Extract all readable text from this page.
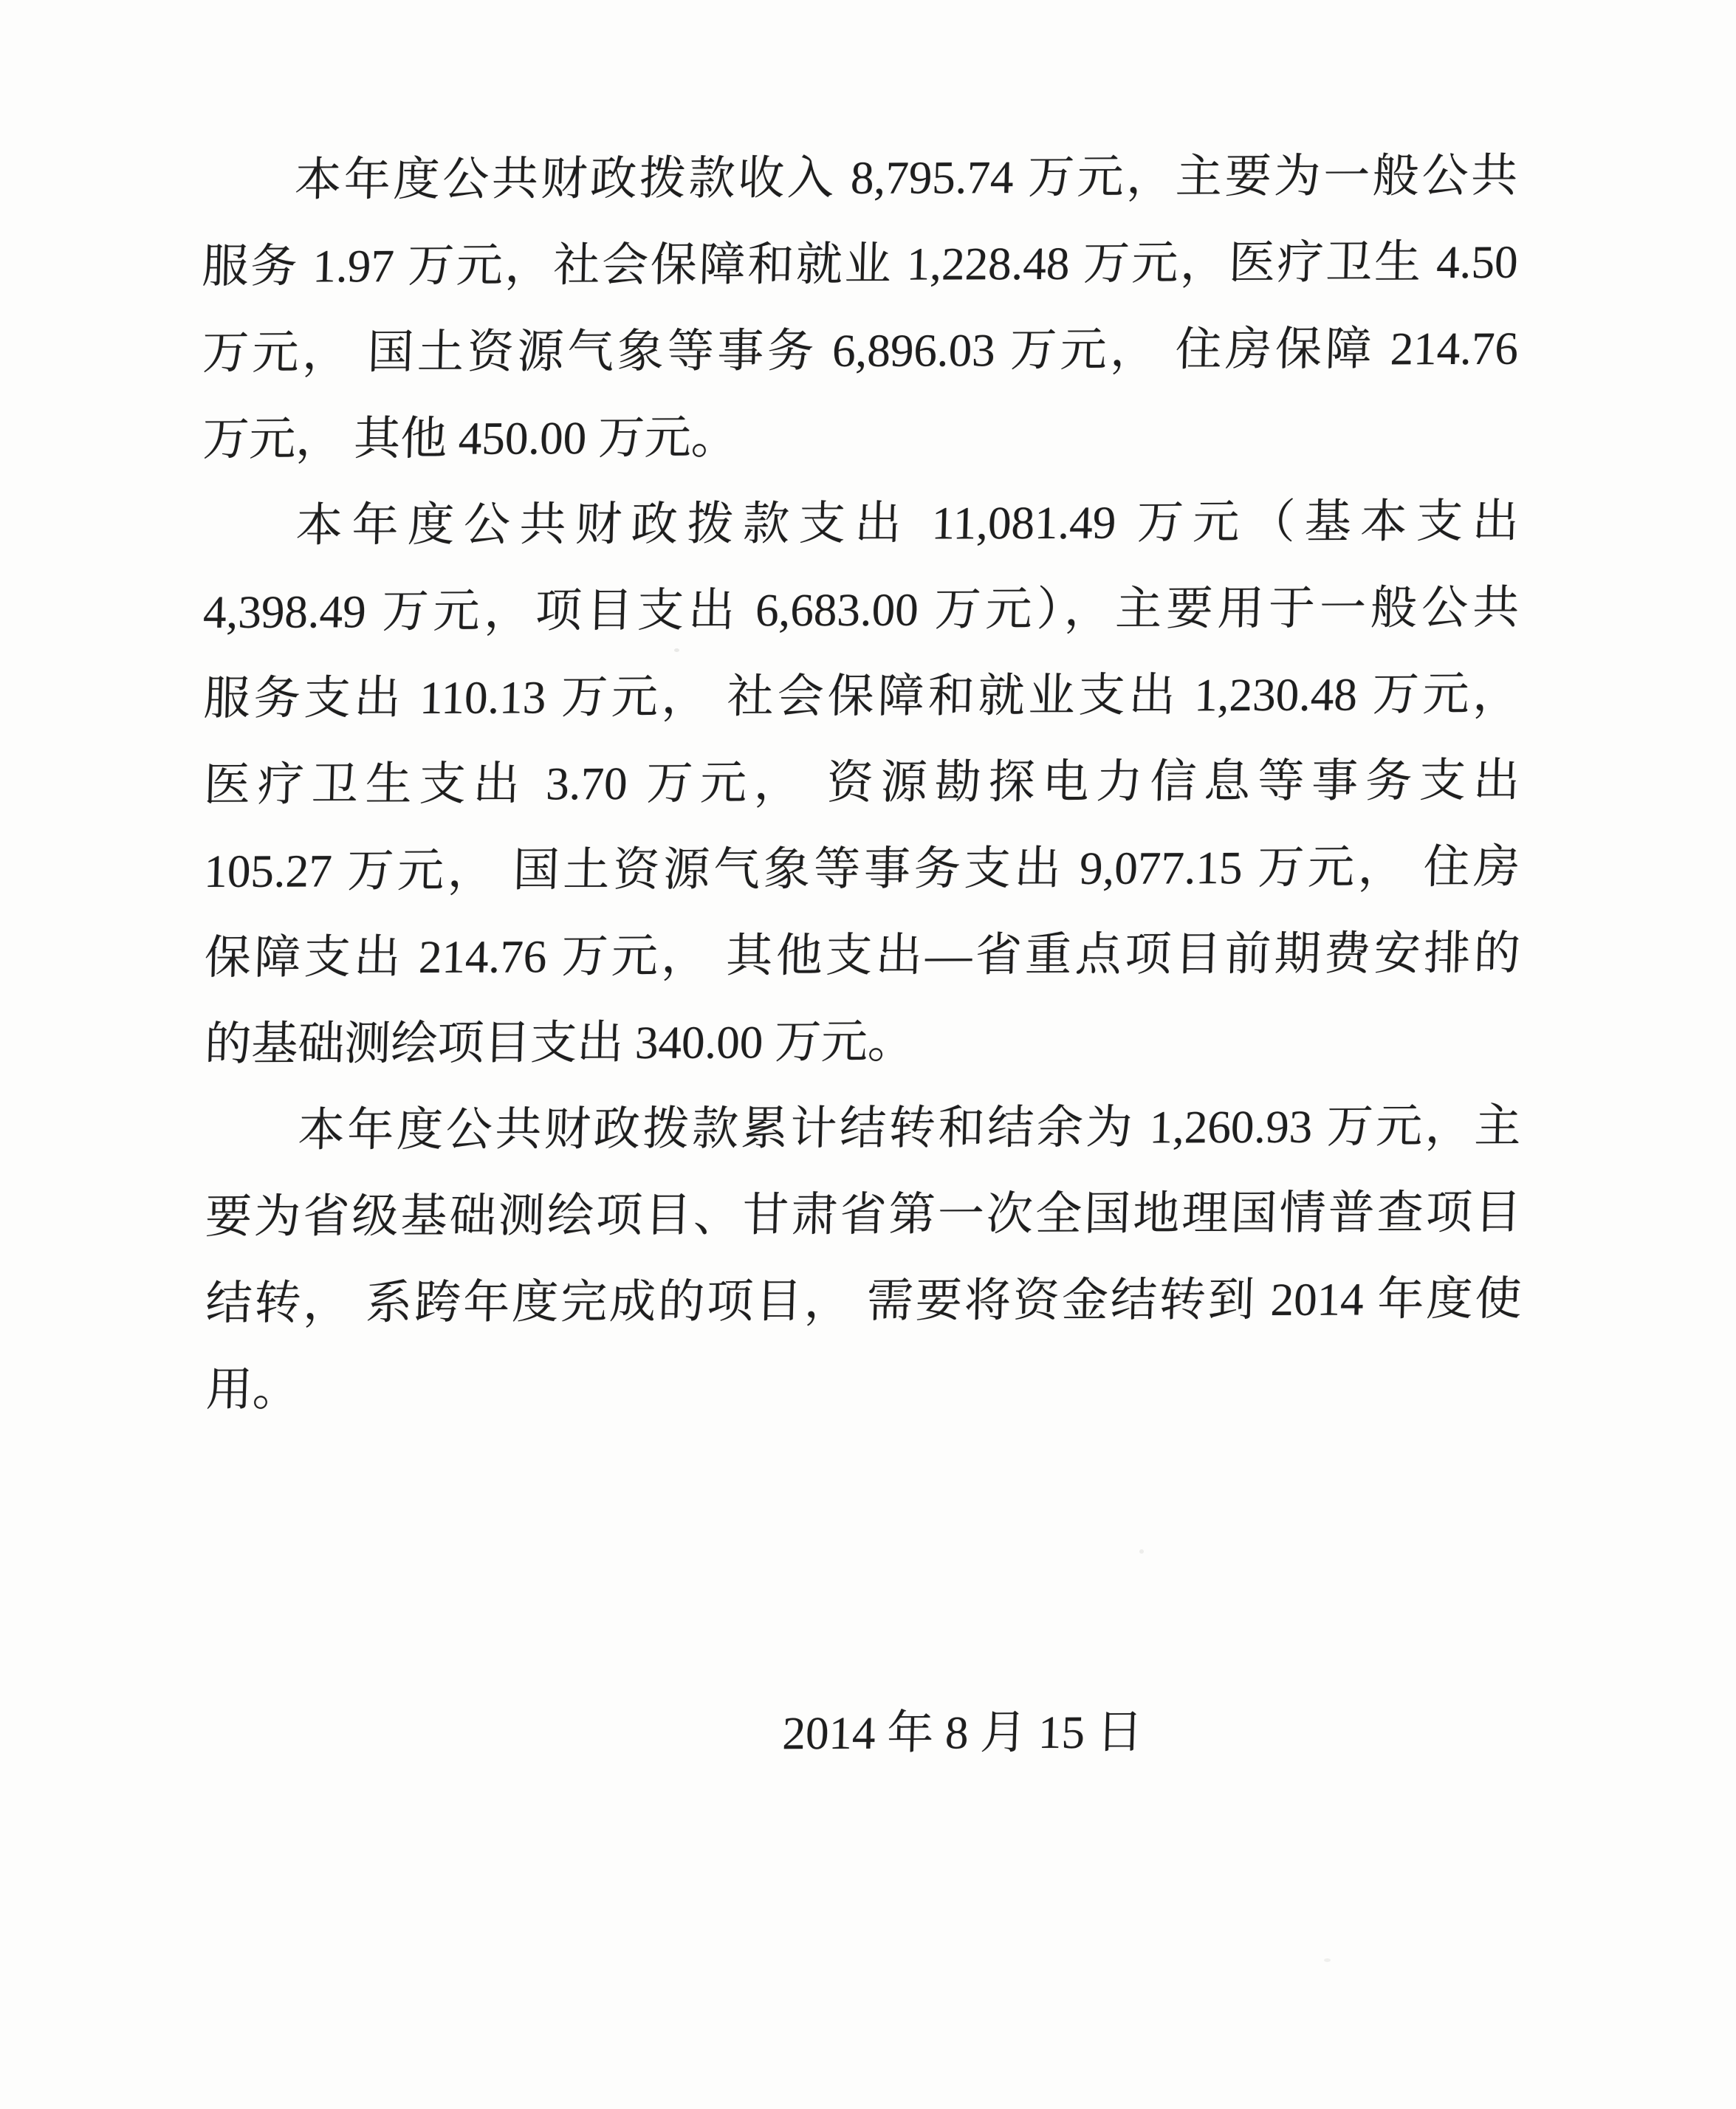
本年度公共财政拨款收入 8,795.74 万元，主要为一般公共
服务 1.97 万元，社会保障和就业 1,228.48 万元，医疗卫生 4.50
万元， 国土资源气象等事务 6,896.03 万元， 住房保障 214.76
万元， 其他 450.00 万元。
本年度公共财政拨款支出 11,081.49 万元（基本支出
4,398.49 万元，项目支出 6,683.00 万元），主要用于一般公共
服务支出 110.13 万元， 社会保障和就业支出 1,230.48 万元，
医疗卫生支出 3.70 万元， 资源勘探电力信息等事务支出
105.27 万元， 国土资源气象等事务支出 9,077.15 万元， 住房
保障支出 214.76 万元， 其他支出—省重点项目前期费安排的
的基础测绘项目支出 340.00 万元。
本年度公共财政拨款累计结转和结余为 1,260.93 万元，主
要为省级基础测绘项目、甘肃省第一次全国地理国情普查项目
结转， 系跨年度完成的项目， 需要将资金结转到 2014 年度使
用。
2014 年 8 月 15 日
